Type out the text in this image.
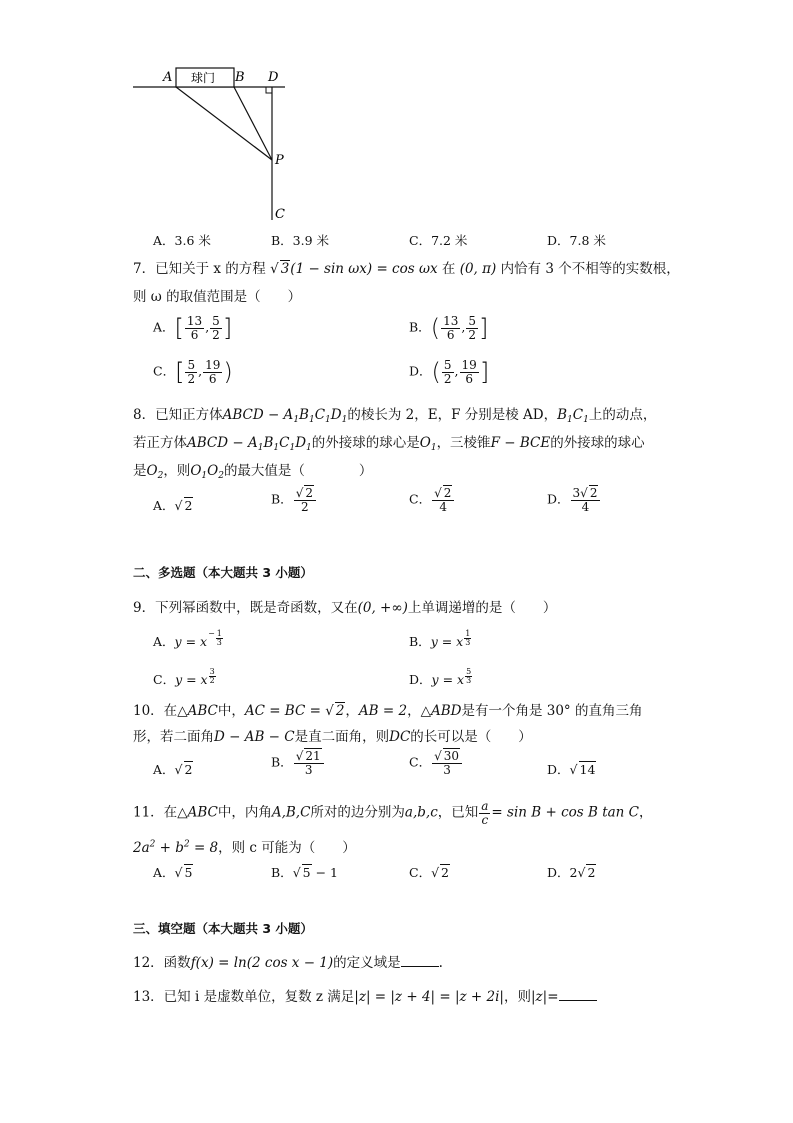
球门
A	B D
P
C
A．3.6 米	B．3.9 米	C．7.2 米	D．7.8 米
7．已知关于 x 的方程 √ 3(1 − sin ωx) = cos ωx 在 (0, π) 内恰有 3 个不相等的实数根，
则 ω 的取值范围是（　　）
A．[ $\frac{13}{6}$ , $\frac{5}{2}$ ]	B．( $\frac{13}{6}$ , $\frac{5}{2}$ ]
C．[ $\frac{5}{2}$ , $\frac{19}{6}$ )	D．( $\frac{5}{2}$ , $\frac{19}{6}$ ]
8．已知正方体ABCD − $A_1B_1C_1D_1$的棱长为 2，E，F 分别是棱 AD，$B_1C_1$上的动点，
若正方体ABCD − $A_1B_1C_1D_1$的外接球的球心是$O_1$，三棱锥F − BCE的外接球的球心
是$O_2$，则$O_1O_2$的最大值是（　　　　）
A．√ 2	B． $\frac{√ 2}{2}$	C． $\frac{√ 2}{4}$	D． $\frac{3√ 2}{4}$
二、多选题（本大题共 3 小题）
9．下列幂函数中，既是奇函数，又在(0, +∞)上单调递增的是（　　）
A．y = x
− $\frac{1}{3}$	B．y = x $\frac{1}{3}$
C．y = x $\frac{3}{2}$	D．y = x $\frac{5}{3}$
10．在△ABC中，AC = BC = √ 2，AB = 2，△ABD是有一个角是 30° 的直角三角
形，若二面角D − AB − C是直二面角，则DC的长可以是（　　）
A．√ 2	B． $\frac{√ 21}{3}$	C． $\frac{√ 30}{3}$	D．√ 14
11．在△ABC中，内角A,B,C所对的边分别为a,b,c，已知 $\frac{a}{c} = \sin B + \cos B$ tan C，
$2a^2 + b^2 = 8$，则 c 可能为（　　）
A．√ 5	B．√ 5 − 1	C．√ 2	D．2√ 2
三、填空题（本大题共 3 小题）
12．函数f(x) = ln(2 cos x − 1)的定义域是	.
13．已知 i 是虚数单位，复数 z 满足|z| = |z + 4| = |z + 2i|，则|z|=
